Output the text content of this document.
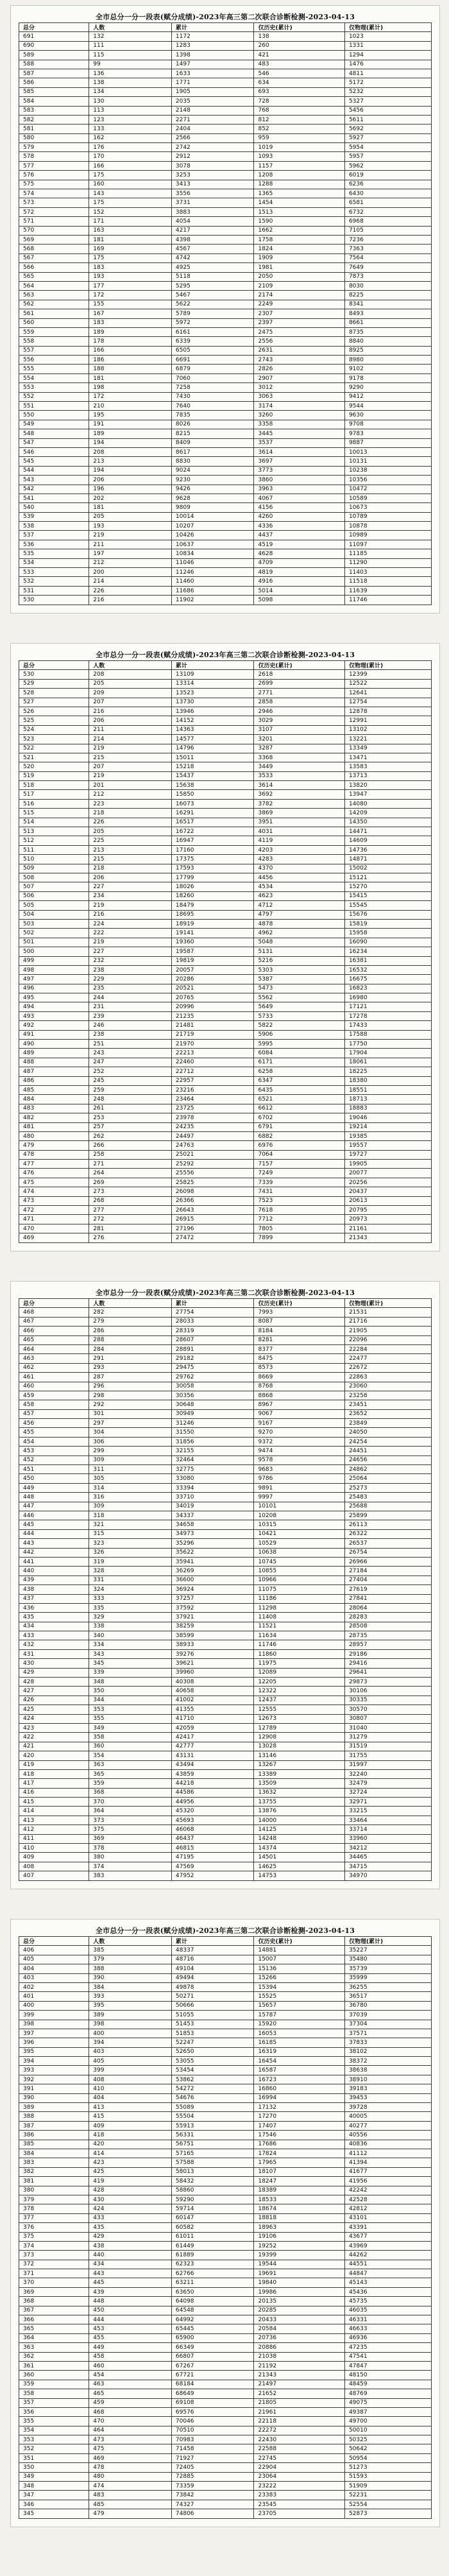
全市总分一分一段表(赋分成绩)-2023年高三第二次联合诊断检测-2023-04-13
总分	人数	累计	仅历史(累计)	仅物理(累计)
691	132	1172	138	1023
690	111	1283	260	1331
589	115	1398	421	1294
588	99	1497	483	1476
587	136	1633	546	4811
586	138	1771	634	5172
585	134	1905	693	5232
584	130	2035	728	5327
583	113	2148	768	5456
582	123	2271	812	5611
581	133	2404	852	5692
580	162	2566	959	5927
579	176	2742	1019	5954
578	170	2912	1093	5957
577	166	3078	1157	5962
576	175	3253	1208	6019
575	160	3413	1288	6236
574	143	3556	1365	6430
573	175	3731	1454	6581
572	152	3883	1513	6732
571	171	4054	1590	6968
570	163	4217	1662	7105
569	181	4398	1758	7236
568	169	4567	1824	7363
567	175	4742	1909	7564
566	183	4925	1981	7649
565	193	5118	2050	7873
564	177	5295	2109	8030
563	172	5467	2174	8225
562	155	5622	2249	8341
561	167	5789	2307	8493
560	183	5972	2397	8661
559	189	6161	2475	8735
558	178	6339	2556	8840
557	166	6505	2631	8925
556	186	6691	2743	8980
555	188	6879	2826	9102
554	181	7060	2907	9178
553	198	7258	3012	9290
552	172	7430	3063	9412
551	210	7640	3174	9544
550	195	7835	3260	9630
549	191	8026	3358	9708
548	189	8215	3445	9783
547	194	8409	3537	9887
546	208	8617	3614	10013
545	213	8830	3697	10131
544	194	9024	3773	10238
543	206	9230	3860	10356
542	196	9426	3963	10472
541	202	9628	4067	10589
540	181	9809	4156	10673
539	205	10014	4260	10789
538	193	10207	4336	10878
537	219	10426	4437	10989
536	211	10637	4519	11097
535	197	10834	4628	11185
534	212	11046	4709	11290
533	200	11246	4819	11403
532	214	11460	4916	11518
531	226	11686	5014	11639
530	216	11902	5098	11746
全市总分一分一段表(赋分成绩)-2023年高三第二次联合诊断检测-2023-04-13
总分	人数	累计	仅历史(累计)	仅物理(累计)
530	208	13109	2618	12399
529	205	13314	2699	12522
528	209	13523	2771	12641
527	207	13730	2858	12754
526	216	13946	2946	12878
525	206	14152	3029	12991
524	211	14363	3107	13102
523	214	14577	3201	13221
522	219	14796	3287	13349
521	215	15011	3368	13471
520	207	15218	3449	13583
519	219	15437	3533	13713
518	201	15638	3614	13820
517	212	15850	3692	13947
516	223	16073	3782	14080
515	218	16291	3869	14209
514	226	16517	3951	14350
513	205	16722	4031	14471
512	225	16947	4119	14609
511	213	17160	4203	14736
510	215	17375	4283	14871
509	218	17593	4370	15002
508	206	17799	4456	15121
507	227	18026	4534	15270
506	234	18260	4623	15415
505	219	18479	4712	15545
504	216	18695	4797	15676
503	224	18919	4878	15819
502	222	19141	4962	15958
501	219	19360	5048	16090
500	227	19587	5131	16234
499	232	19819	5216	16381
498	238	20057	5303	16532
497	229	20286	5387	16675
496	235	20521	5473	16823
495	244	20765	5562	16980
494	231	20996	5649	17121
493	239	21235	5733	17278
492	246	21481	5822	17433
491	238	21719	5906	17588
490	251	21970	5995	17750
489	243	22213	6084	17904
488	247	22460	6171	18061
487	252	22712	6258	18225
486	245	22957	6347	18380
485	259	23216	6435	18551
484	248	23464	6521	18713
483	261	23725	6612	18883
482	253	23978	6702	19046
481	257	24235	6791	19214
480	262	24497	6882	19385
479	266	24763	6976	19557
478	258	25021	7064	19727
477	271	25292	7157	19905
476	264	25556	7249	20077
475	269	25825	7339	20256
474	273	26098	7431	20437
473	268	26366	7523	20613
472	277	26643	7618	20795
471	272	26915	7712	20973
470	281	27196	7805	21161
469	276	27472	7899	21343
全市总分一分一段表(赋分成绩)-2023年高三第二次联合诊断检测-2023-04-13
总分	人数	累计	仅历史(累计)	仅物理(累计)
468	282	27754	7993	21531
467	279	28033	8087	21716
466	286	28319	8184	21905
465	288	28607	8281	22096
464	284	28891	8377	22284
463	291	29182	8475	22477
462	293	29475	8573	22672
461	287	29762	8669	22863
460	296	30058	8768	23060
459	298	30356	8868	23258
458	292	30648	8967	23451
457	301	30949	9067	23652
456	297	31246	9167	23849
455	304	31550	9270	24050
454	306	31856	9372	24254
453	299	32155	9474	24451
452	309	32464	9578	24656
451	311	32775	9683	24862
450	305	33080	9786	25064
449	314	33394	9891	25273
448	316	33710	9997	25483
447	309	34019	10101	25688
446	318	34337	10208	25899
445	321	34658	10315	26113
444	315	34973	10421	26322
443	323	35296	10529	26537
442	326	35622	10638	26754
441	319	35941	10745	26966
440	328	36269	10855	27184
439	331	36600	10966	27404
438	324	36924	11075	27619
437	333	37257	11186	27841
436	335	37592	11298	28064
435	329	37921	11408	28283
434	338	38259	11521	28508
433	340	38599	11634	28735
432	334	38933	11746	28957
431	343	39276	11860	29186
430	345	39621	11975	29416
429	339	39960	12089	29641
428	348	40308	12205	29873
427	350	40658	12322	30106
426	344	41002	12437	30335
425	353	41355	12555	30570
424	355	41710	12673	30807
423	349	42059	12789	31040
422	358	42417	12908	31279
421	360	42777	13028	31519
420	354	43131	13146	31755
419	363	43494	13267	31997
418	365	43859	13389	32240
417	359	44218	13509	32479
416	368	44586	13632	32724
415	370	44956	13755	32971
414	364	45320	13876	33215
413	373	45693	14000	33464
412	375	46068	14125	33714
411	369	46437	14248	33960
410	378	46815	14374	34212
409	380	47195	14501	34465
408	374	47569	14625	34715
407	383	47952	14753	34970
全市总分一分一段表(赋分成绩)-2023年高三第二次联合诊断检测-2023-04-13
总分	人数	累计	仅历史(累计)	仅物理(累计)
406	385	48337	14881	35227
405	379	48716	15007	35480
404	388	49104	15136	35739
403	390	49494	15266	35999
402	384	49878	15394	36255
401	393	50271	15525	36517
400	395	50666	15657	36780
399	389	51055	15787	37039
398	398	51453	15920	37304
397	400	51853	16053	37571
396	394	52247	16185	37833
395	403	52650	16319	38102
394	405	53055	16454	38372
393	399	53454	16587	38638
392	408	53862	16723	38910
391	410	54272	16860	39183
390	404	54676	16994	39453
389	413	55089	17132	39728
388	415	55504	17270	40005
387	409	55913	17407	40277
386	418	56331	17546	40556
385	420	56751	17686	40836
384	414	57165	17824	41112
383	423	57588	17965	41394
382	425	58013	18107	41677
381	419	58432	18247	41956
380	428	58860	18389	42242
379	430	59290	18533	42528
378	424	59714	18674	42812
377	433	60147	18818	43101
376	435	60582	18963	43391
375	429	61011	19106	43677
374	438	61449	19252	43969
373	440	61889	19399	44262
372	434	62323	19544	44551
371	443	62766	19691	44847
370	445	63211	19840	45143
369	439	63650	19986	45436
368	448	64098	20135	45735
367	450	64548	20285	46035
366	444	64992	20433	46331
365	453	65445	20584	46633
364	455	65900	20736	46936
363	449	66349	20886	47235
362	458	66807	21038	47541
361	460	67267	21192	47847
360	454	67721	21343	48150
359	463	68184	21497	48459
358	465	68649	21652	48769
357	459	69108	21805	49075
356	468	69576	21961	49387
355	470	70046	22118	49700
354	464	70510	22272	50010
353	473	70983	22430	50325
352	475	71458	22588	50642
351	469	71927	22745	50954
350	478	72405	22904	51273
349	480	72885	23064	51593
348	474	73359	23222	51909
347	483	73842	23383	52231
346	485	74327	23545	52554
345	479	74806	23705	52873
